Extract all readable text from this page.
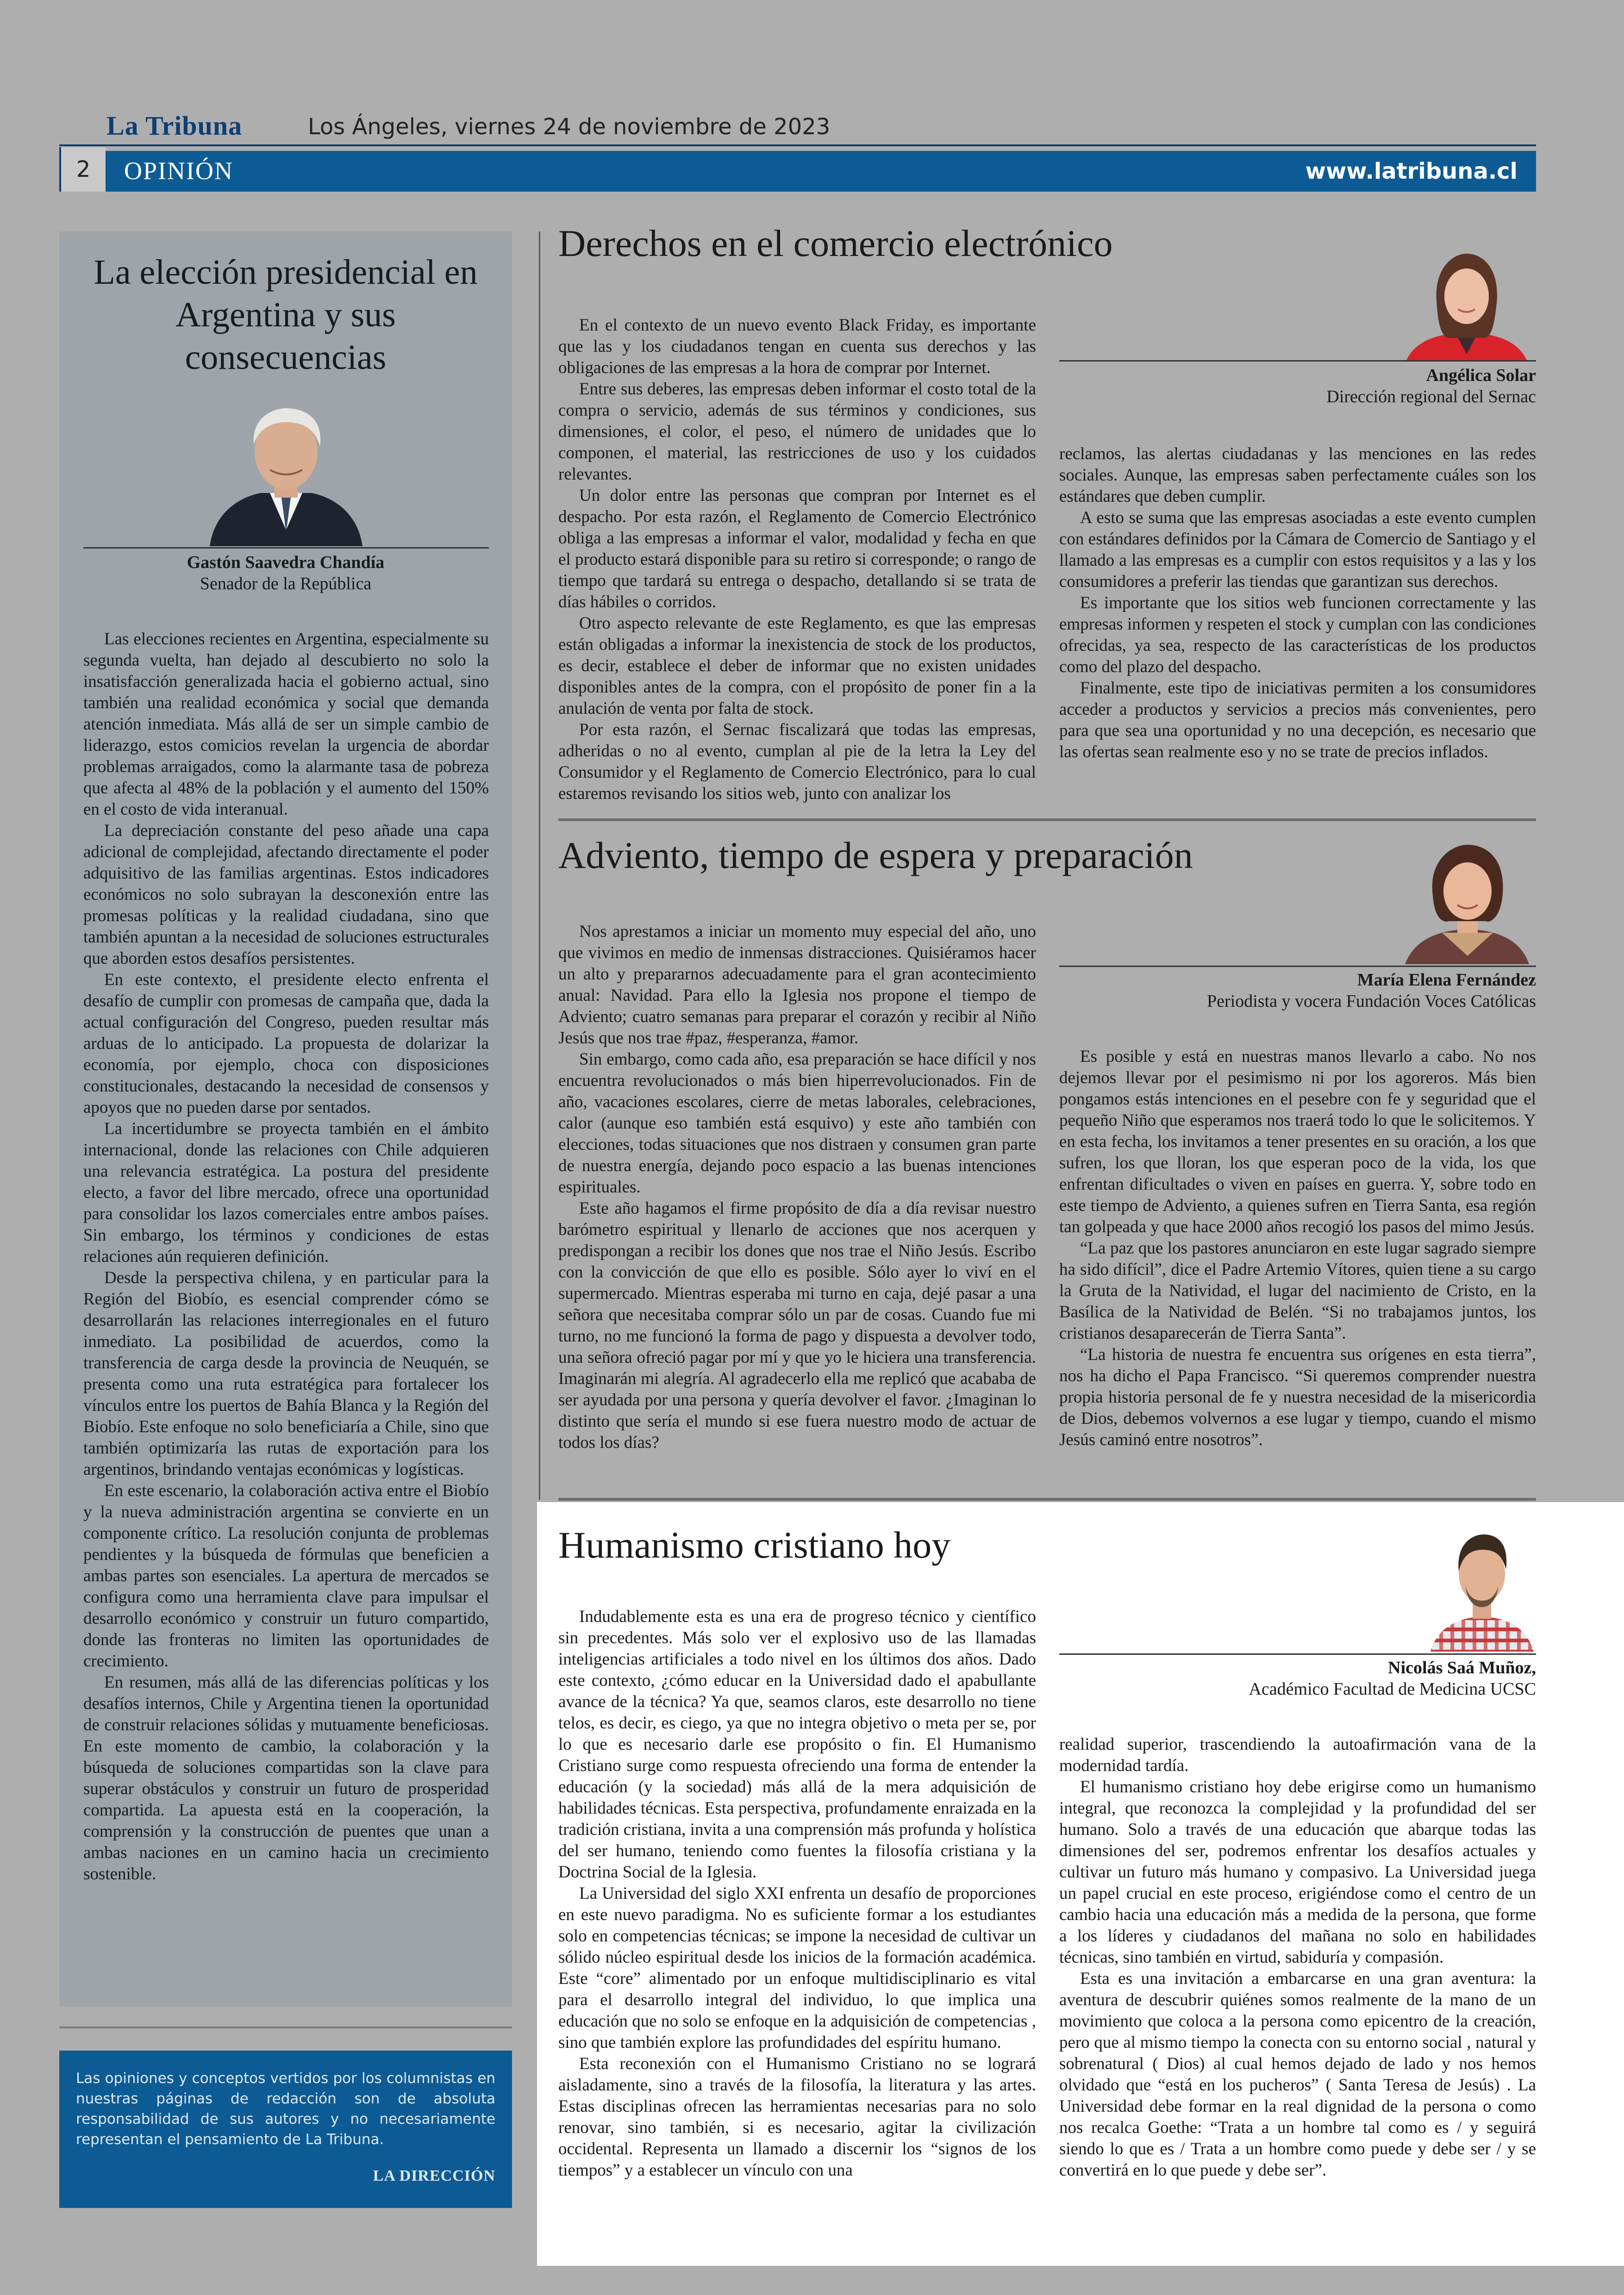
La Tribuna	Los Ángeles, viernes 24 de noviembre de 2023
2	OPINIÓN	www.latribuna.cl
La elección presidencial en Argentina y sus consecuencias
Gastón Saavedra Chandía
Senador de la República

Las elecciones recientes en Argentina, especialmente su segunda vuelta, han dejado al descubierto no solo la insatisfacción generalizada hacia el gobierno actual, sino también una realidad económica y social que demanda atención inmediata. Más allá de ser un simple cambio de liderazgo, estos comicios revelan la urgencia de abordar problemas arraigados, como la alarmante tasa de pobreza que afecta al 48% de la población y el aumento del 150% en el costo de vida interanual.

La depreciación constante del peso añade una capa adicional de complejidad, afectando directamente el poder adquisitivo de las familias argentinas. Estos indicadores económicos no solo subrayan la desconexión entre las promesas políticas y la realidad ciudadana, sino que también apuntan a la necesidad de soluciones estructurales que aborden estos desafíos persistentes.

En este contexto, el presidente electo enfrenta el desafío de cumplir con promesas de campaña que, dada la actual configuración del Congreso, pueden resultar más arduas de lo anticipado. La propuesta de dolarizar la economía, por ejemplo, choca con disposiciones constitucionales, destacando la necesidad de consensos y apoyos que no pueden darse por sentados.

La incertidumbre se proyecta también en el ámbito internacional, donde las relaciones con Chile adquieren una relevancia estratégica. La postura del presidente electo, a favor del libre mercado, ofrece una oportunidad para consolidar los lazos comerciales entre ambos países. Sin embargo, los términos y condiciones de estas relaciones aún requieren definición.

Desde la perspectiva chilena, y en particular para la Región del Biobío, es esencial comprender cómo se desarrollarán las relaciones interregionales en el futuro inmediato. La posibilidad de acuerdos, como la transferencia de carga desde la provincia de Neuquén, se presenta como una ruta estratégica para fortalecer los vínculos entre los puertos de Bahía Blanca y la Región del Biobío. Este enfoque no solo beneficiaría a Chile, sino que también optimizaría las rutas de exportación para los argentinos, brindando ventajas económicas y logísticas.

En este escenario, la colaboración activa entre el Biobío y la nueva administración argentina se convierte en un componente crítico. La resolución conjunta de problemas pendientes y la búsqueda de fórmulas que beneficien a ambas partes son esenciales. La apertura de mercados se configura como una herramienta clave para impulsar el desarrollo económico y construir un futuro compartido, donde las fronteras no limiten las oportunidades de crecimiento.

En resumen, más allá de las diferencias políticas y los desafíos internos, Chile y Argentina tienen la oportunidad de construir relaciones sólidas y mutuamente beneficiosas. En este momento de cambio, la colaboración y la búsqueda de soluciones compartidas son la clave para superar obstáculos y construir un futuro de prosperidad compartida. La apuesta está en la cooperación, la comprensión y la construcción de puentes que unan a ambas naciones en un camino hacia un crecimiento sostenible.

Las opiniones y conceptos vertidos por los columnistas en nuestras páginas de redacción son de absoluta responsabilidad de sus autores y no necesariamente representan el pensamiento de La Tribuna.
LA DIRECCIÓN
Derechos en el comercio electrónico
Angélica Solar
Dirección regional del Sernac

En el contexto de un nuevo evento Black Friday, es importante que las y los ciudadanos tengan en cuenta sus derechos y las obligaciones de las empresas a la hora de comprar por Internet.

Entre sus deberes, las empresas deben informar el costo total de la compra o servicio, además de sus términos y condiciones, sus dimensiones, el color, el peso, el número de unidades que lo componen, el material, las restricciones de uso y los cuidados relevantes.

Un dolor entre las personas que compran por Internet es el despacho. Por esta razón, el Reglamento de Comercio Electrónico obliga a las empresas a informar el valor, modalidad y fecha en que el producto estará disponible para su retiro si corresponde; o rango de tiempo que tardará su entrega o despacho, detallando si se trata de días hábiles o corridos.

Otro aspecto relevante de este Reglamento, es que las empresas están obligadas a informar la inexistencia de stock de los productos, es decir, establece el deber de informar que no existen unidades disponibles antes de la compra, con el propósito de poner fin a la anulación de venta por falta de stock.

Por esta razón, el Sernac fiscalizará que todas las empresas, adheridas o no al evento, cumplan al pie de la letra la Ley del Consumidor y el Reglamento de Comercio Electrónico, para lo cual estaremos revisando los sitios web, junto con analizar los

reclamos, las alertas ciudadanas y las menciones en las redes sociales. Aunque, las empresas saben perfectamente cuáles son los estándares que deben cumplir.

A esto se suma que las empresas asociadas a este evento cumplen con estándares definidos por la Cámara de Comercio de Santiago y el llamado a las empresas es a cumplir con estos requisitos y a las y los consumidores a preferir las tiendas que garantizan sus derechos.

Es importante que los sitios web funcionen correctamente y las empresas informen y respeten el stock y cumplan con las condiciones ofrecidas, ya sea, respecto de las características de los productos como del plazo del despacho.

Finalmente, este tipo de iniciativas permiten a los consumidores acceder a productos y servicios a precios más convenientes, pero para que sea una oportunidad y no una decepción, es necesario que las ofertas sean realmente eso y no se trate de precios inflados.

Adviento, tiempo de espera y preparación
María Elena Fernández
Periodista y vocera Fundación Voces Católicas

Nos aprestamos a iniciar un momento muy especial del año, uno que vivimos en medio de inmensas distracciones. Quisiéramos hacer un alto y prepararnos adecuadamente para el gran acontecimiento anual: Navidad. Para ello la Iglesia nos propone el tiempo de Adviento; cuatro semanas para preparar el corazón y recibir al Niño Jesús que nos trae #paz, #esperanza, #amor.

Sin embargo, como cada año, esa preparación se hace difícil y nos encuentra revolucionados o más bien hiperrevolucionados. Fin de año, vacaciones escolares, cierre de metas laborales, celebraciones, calor (aunque eso también está esquivo) y este año también con elecciones, todas situaciones que nos distraen y consumen gran parte de nuestra energía, dejando poco espacio a las buenas intenciones espirituales.

Este año hagamos el firme propósito de día a día revisar nuestro barómetro espiritual y llenarlo de acciones que nos acerquen y predispongan a recibir los dones que nos trae el Niño Jesús. Escribo con la convicción de que ello es posible. Sólo ayer lo viví en el supermercado. Mientras esperaba mi turno en caja, dejé pasar a una señora que necesitaba comprar sólo un par de cosas. Cuando fue mi turno, no me funcionó la forma de pago y dispuesta a devolver todo, una señora ofreció pagar por mí y que yo le hiciera una transferencia. Imaginarán mi alegría. Al agradecerlo ella me replicó que acababa de ser ayudada por una persona y quería devolver el favor. ¿Imaginan lo distinto que sería el mundo si ese fuera nuestro modo de actuar de todos los días?

Es posible y está en nuestras manos llevarlo a cabo. No nos dejemos llevar por el pesimismo ni por los agoreros. Más bien pongamos estás intenciones en el pesebre con fe y seguridad que el pequeño Niño que esperamos nos traerá todo lo que le solicitemos. Y en esta fecha, los invitamos a tener presentes en su oración, a los que sufren, los que lloran, los que esperan poco de la vida, los que enfrentan dificultades o viven en países en guerra. Y, sobre todo en este tiempo de Adviento, a quienes sufren en Tierra Santa, esa región tan golpeada y que hace 2000 años recogió los pasos del mimo Jesús.

“La paz que los pastores anunciaron en este lugar sagrado siempre ha sido difícil”, dice el Padre Artemio Vítores, quien tiene a su cargo la Gruta de la Natividad, el lugar del nacimiento de Cristo, en la Basílica de la Natividad de Belén. “Si no trabajamos juntos, los cristianos desaparecerán de Tierra Santa”.

“La historia de nuestra fe encuentra sus orígenes en esta tierra”, nos ha dicho el Papa Francisco. “Si queremos comprender nuestra propia historia personal de fe y nuestra necesidad de la misericordia de Dios, debemos volvernos a ese lugar y tiempo, cuando el mismo Jesús caminó entre nosotros”.

Humanismo cristiano hoy
Nicolás Saá Muñoz,
Académico Facultad de Medicina UCSC

Indudablemente esta es una era de progreso técnico y científico sin precedentes. Más solo ver el explosivo uso de las llamadas inteligencias artificiales a todo nivel en los últimos dos años. Dado este contexto, ¿cómo educar en la Universidad dado el apabullante avance de la técnica? Ya que, seamos claros, este desarrollo no tiene telos, es decir, es ciego, ya que no integra objetivo o meta per se, por lo que es necesario darle ese propósito o fin. El Humanismo Cristiano surge como respuesta ofreciendo una forma de entender la educación (y la sociedad) más allá de la mera adquisición de habilidades técnicas. Esta perspectiva, profundamente enraizada en la tradición cristiana, invita a una comprensión más profunda y holística del ser humano, teniendo como fuentes la filosofía cristiana y la Doctrina Social de la Iglesia.

La Universidad del siglo XXI enfrenta un desafío de proporciones en este nuevo paradigma. No es suficiente formar a los estudiantes solo en competencias técnicas; se impone la necesidad de cultivar un sólido núcleo espiritual desde los inicios de la formación académica. Este “core” alimentado por un enfoque multidisciplinario es vital para el desarrollo integral del individuo, lo que implica una educación que no solo se enfoque en la adquisición de competencias , sino que también explore las profundidades del espíritu humano.

Esta reconexión con el Humanismo Cristiano no se logrará aisladamente, sino a través de la filosofía, la literatura y las artes. Estas disciplinas ofrecen las herramientas necesarias para no solo renovar, sino también, si es necesario, agitar la civilización occidental. Representa un llamado a discernir los “signos de los tiempos” y a establecer un vínculo con una

realidad superior, trascendiendo la autoafirmación vana de la modernidad tardía.

El humanismo cristiano hoy debe erigirse como un humanismo integral, que reconozca la complejidad y la profundidad del ser humano. Solo a través de una educación que abarque todas las dimensiones del ser, podremos enfrentar los desafíos actuales y cultivar un futuro más humano y compasivo. La Universidad juega un papel crucial en este proceso, erigiéndose como el centro de un cambio hacia una educación más a medida de la persona, que forme a los líderes y ciudadanos del mañana no solo en habilidades técnicas, sino también en virtud, sabiduría y compasión.

Esta es una invitación a embarcarse en una gran aventura: la aventura de descubrir quiénes somos realmente de la mano de un movimiento que coloca a la persona como epicentro de la creación, pero que al mismo tiempo la conecta con su entorno social , natural y sobrenatural ( Dios) al cual hemos dejado de lado y nos hemos olvidado que “está en los pucheros” ( Santa Teresa de Jesús) . La Universidad debe formar en la real dignidad de la persona o como nos recalca Goethe: “Trata a un hombre tal como es / y seguirá siendo lo que es / Trata a un hombre como puede y debe ser / y se convertirá en lo que puede y debe ser”.
